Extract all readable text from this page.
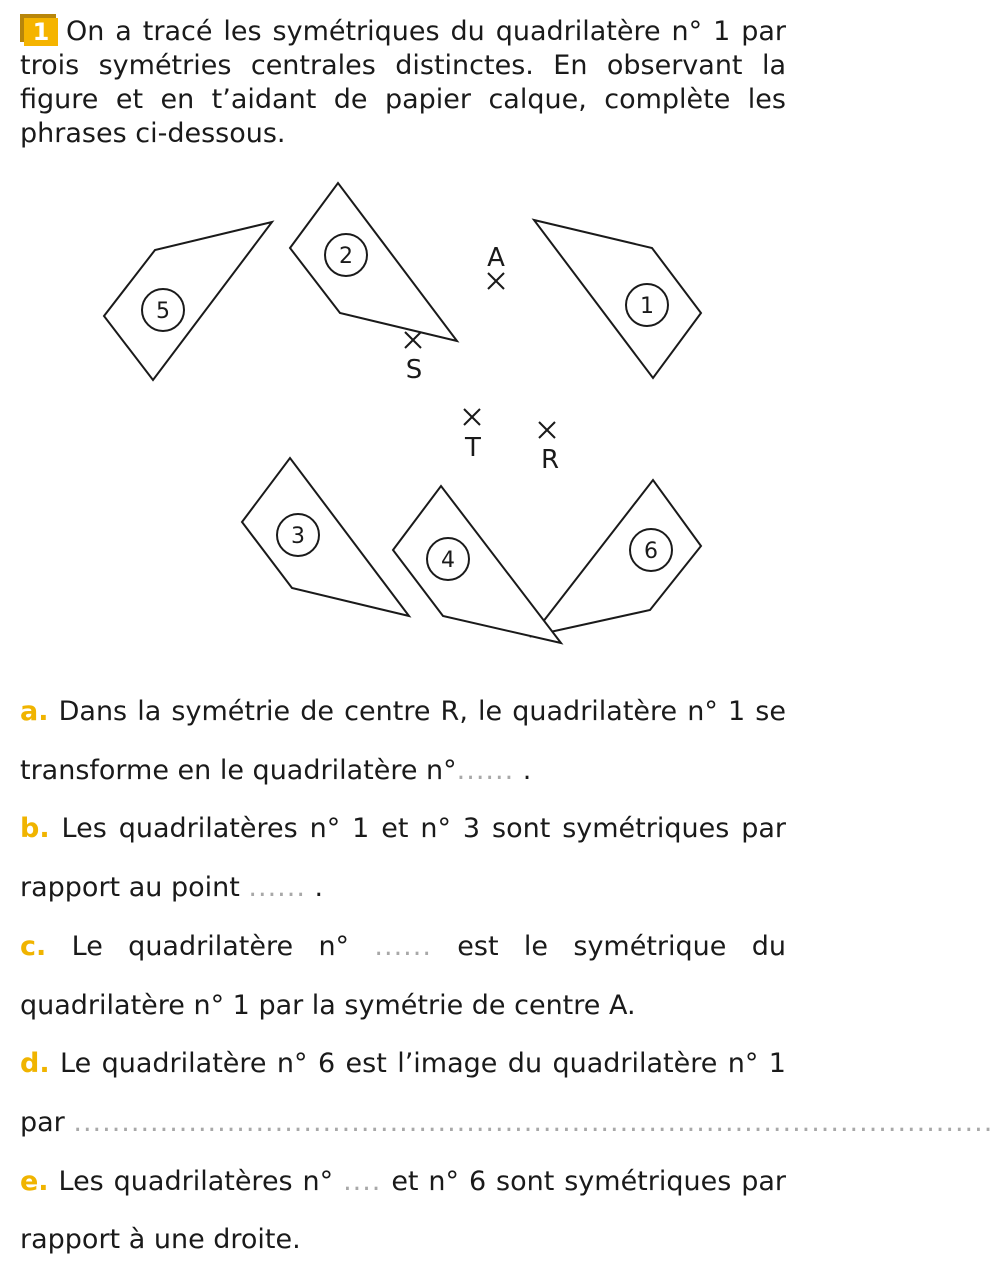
1 On a tracé les symétriques du quadrilatère n° 1 par trois symétries centrales distinctes. En observant la figure et en t’aidant de papier calque, complète les phrases ci-dessous.

5
2
1
3
6
4
A
S
T R

a. Dans la symétrie de centre R, le quadrilatère n° 1 se transforme en le quadrilatère n°...... .

b. Les quadrilatères n° 1 et n° 3 sont symétriques par rapport au point ...... .

c. Le quadrilatère n° ...... est le symétrique du quadrilatère n° 1 par la symétrie de centre A.

d. Le quadrilatère n° 6 est l’image du quadrilatère n° 1 par ................................................................................................

e. Les quadrilatères n° .... et n° 6 sont symétriques par rapport à une droite.
